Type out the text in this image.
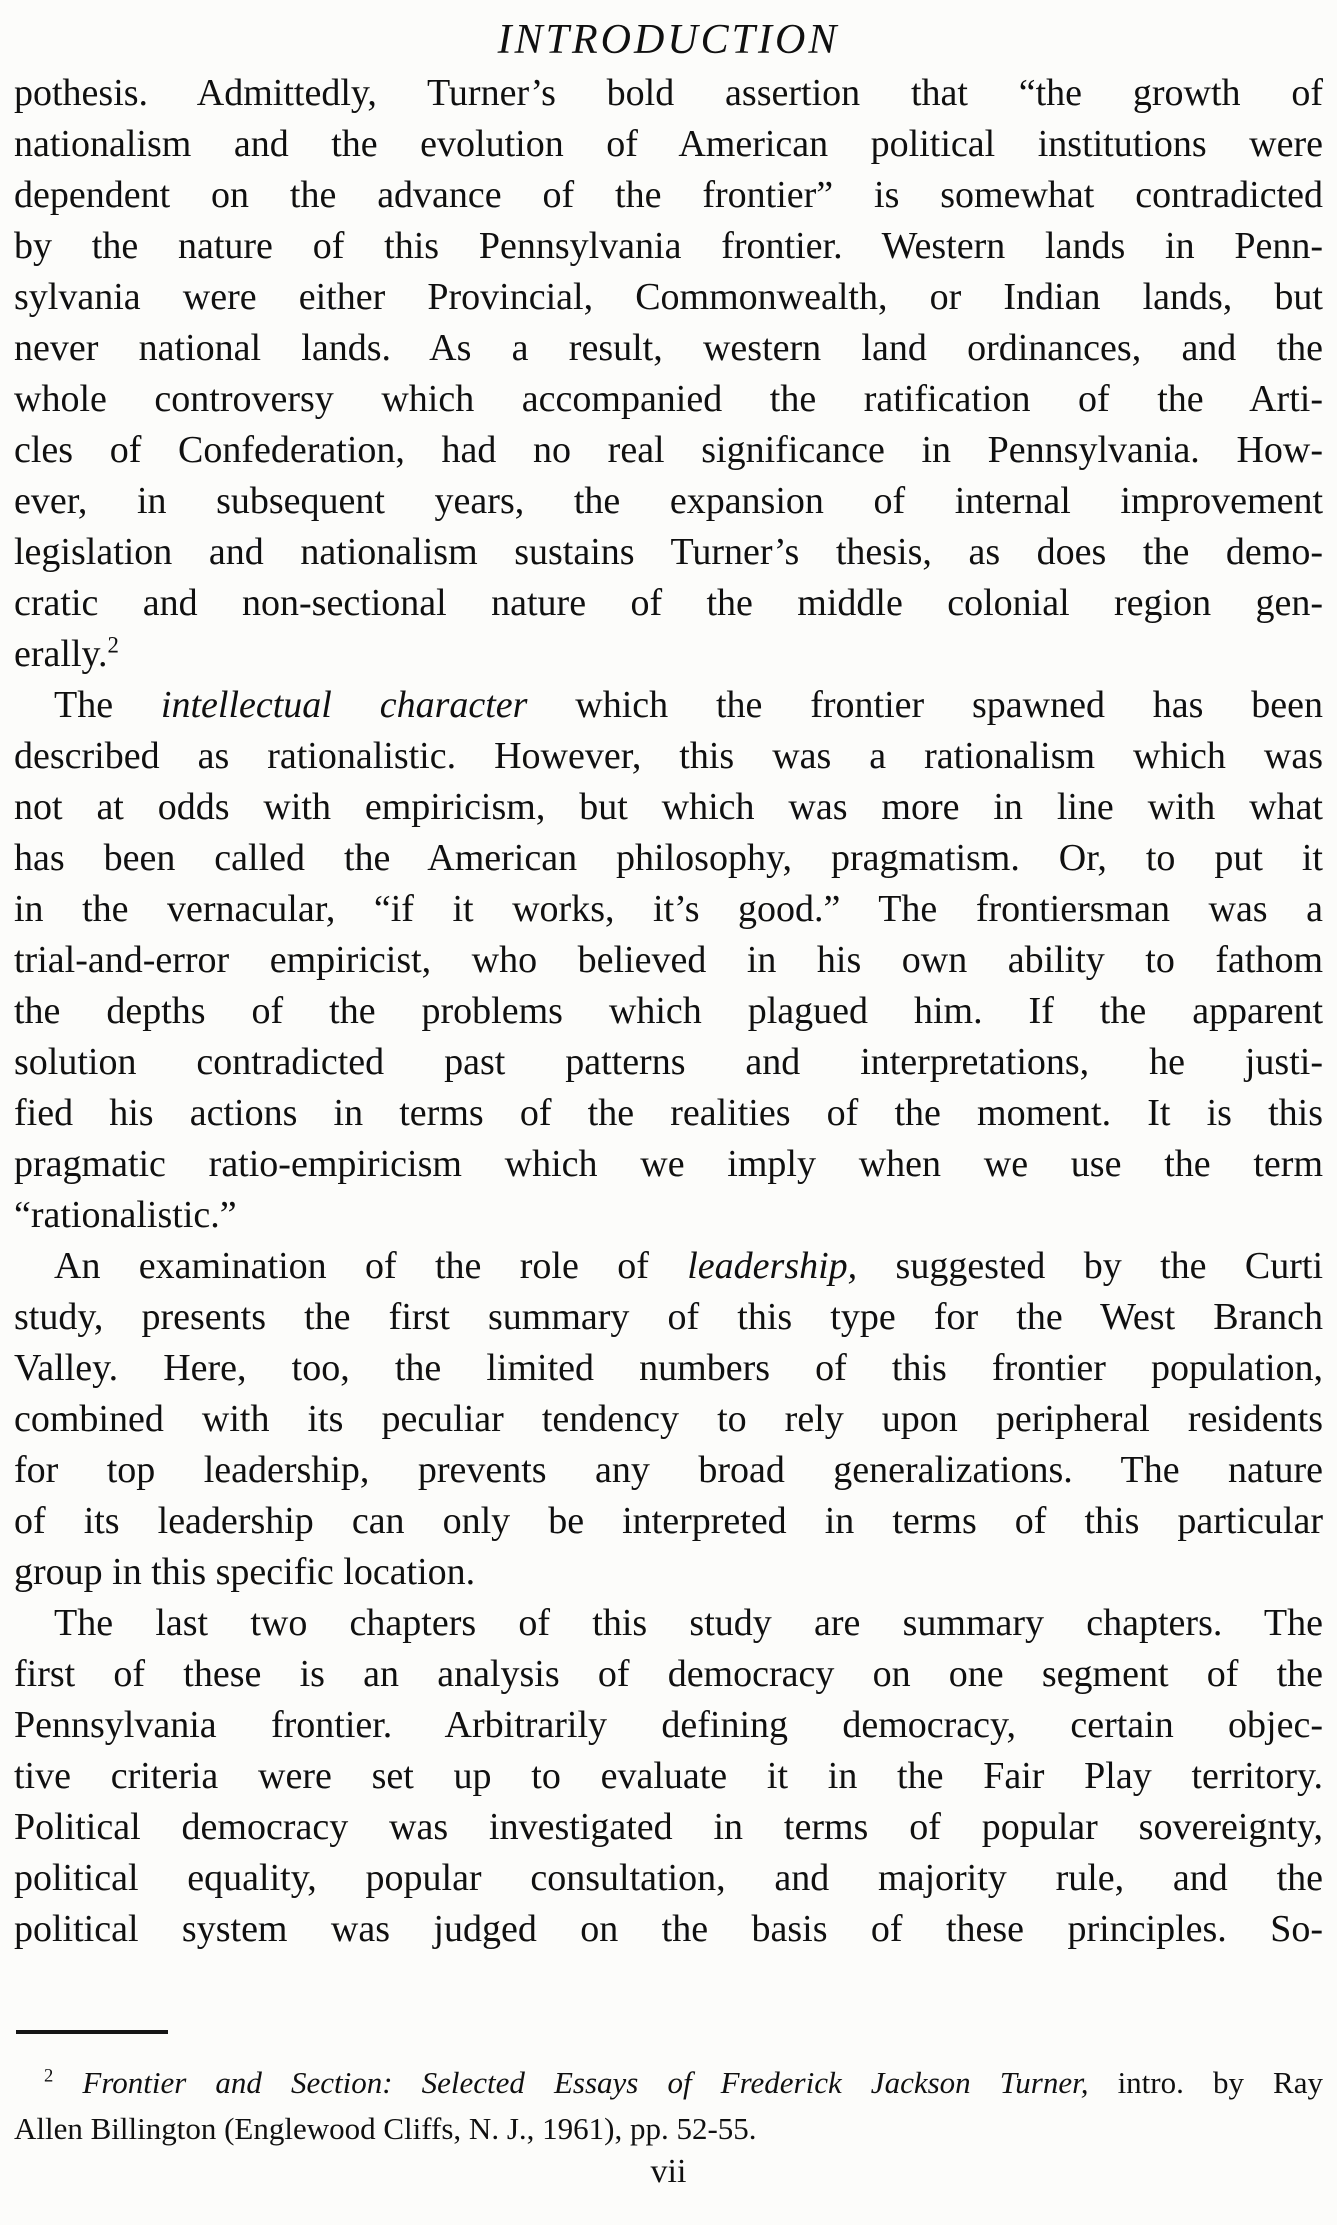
INTRODUCTION
pothesis. Admittedly, Turner’s bold assertion that “the growth of
nationalism and the evolution of American political institutions were
dependent on the advance of the frontier” is somewhat contradicted
by the nature of this Pennsylvania frontier. Western lands in Penn-
sylvania were either Provincial, Commonwealth, or Indian lands, but
never national lands. As a result, western land ordinances, and the
whole controversy which accompanied the ratification of the Arti-
cles of Confederation, had no real significance in Pennsylvania. How-
ever, in subsequent years, the expansion of internal improvement
legislation and nationalism sustains Turner’s thesis, as does the demo-
cratic and non-sectional nature of the middle colonial region gen-
erally.$^2$
The intellectual character which the frontier spawned has been
described as rationalistic. However, this was a rationalism which was
not at odds with empiricism, but which was more in line with what
has been called the American philosophy, pragmatism. Or, to put it
in the vernacular, “if it works, it’s good.” The frontiersman was a
trial-and-error empiricist, who believed in his own ability to fathom
the depths of the problems which plagued him. If the apparent
solution contradicted past patterns and interpretations, he justi-
fied his actions in terms of the realities of the moment. It is this
pragmatic ratio-empiricism which we imply when we use the term
“rationalistic.”
An examination of the role of leadership, suggested by the Curti
study, presents the first summary of this type for the West Branch
Valley. Here, too, the limited numbers of this frontier population,
combined with its peculiar tendency to rely upon peripheral residents
for top leadership, prevents any broad generalizations. The nature
of its leadership can only be interpreted in terms of this particular
group in this specific location.
The last two chapters of this study are summary chapters. The
first of these is an analysis of democracy on one segment of the
Pennsylvania frontier. Arbitrarily defining democracy, certain objec-
tive criteria were set up to evaluate it in the Fair Play territory.
Political democracy was investigated in terms of popular sovereignty,
political equality, popular consultation, and majority rule, and the
political system was judged on the basis of these principles. So-
$^2$ Frontier and Section: Selected Essays of Frederick Jackson Turner, intro. by Ray
Allen Billington (Englewood Cliffs, N. J., 1961), pp. 52-55.
vii
